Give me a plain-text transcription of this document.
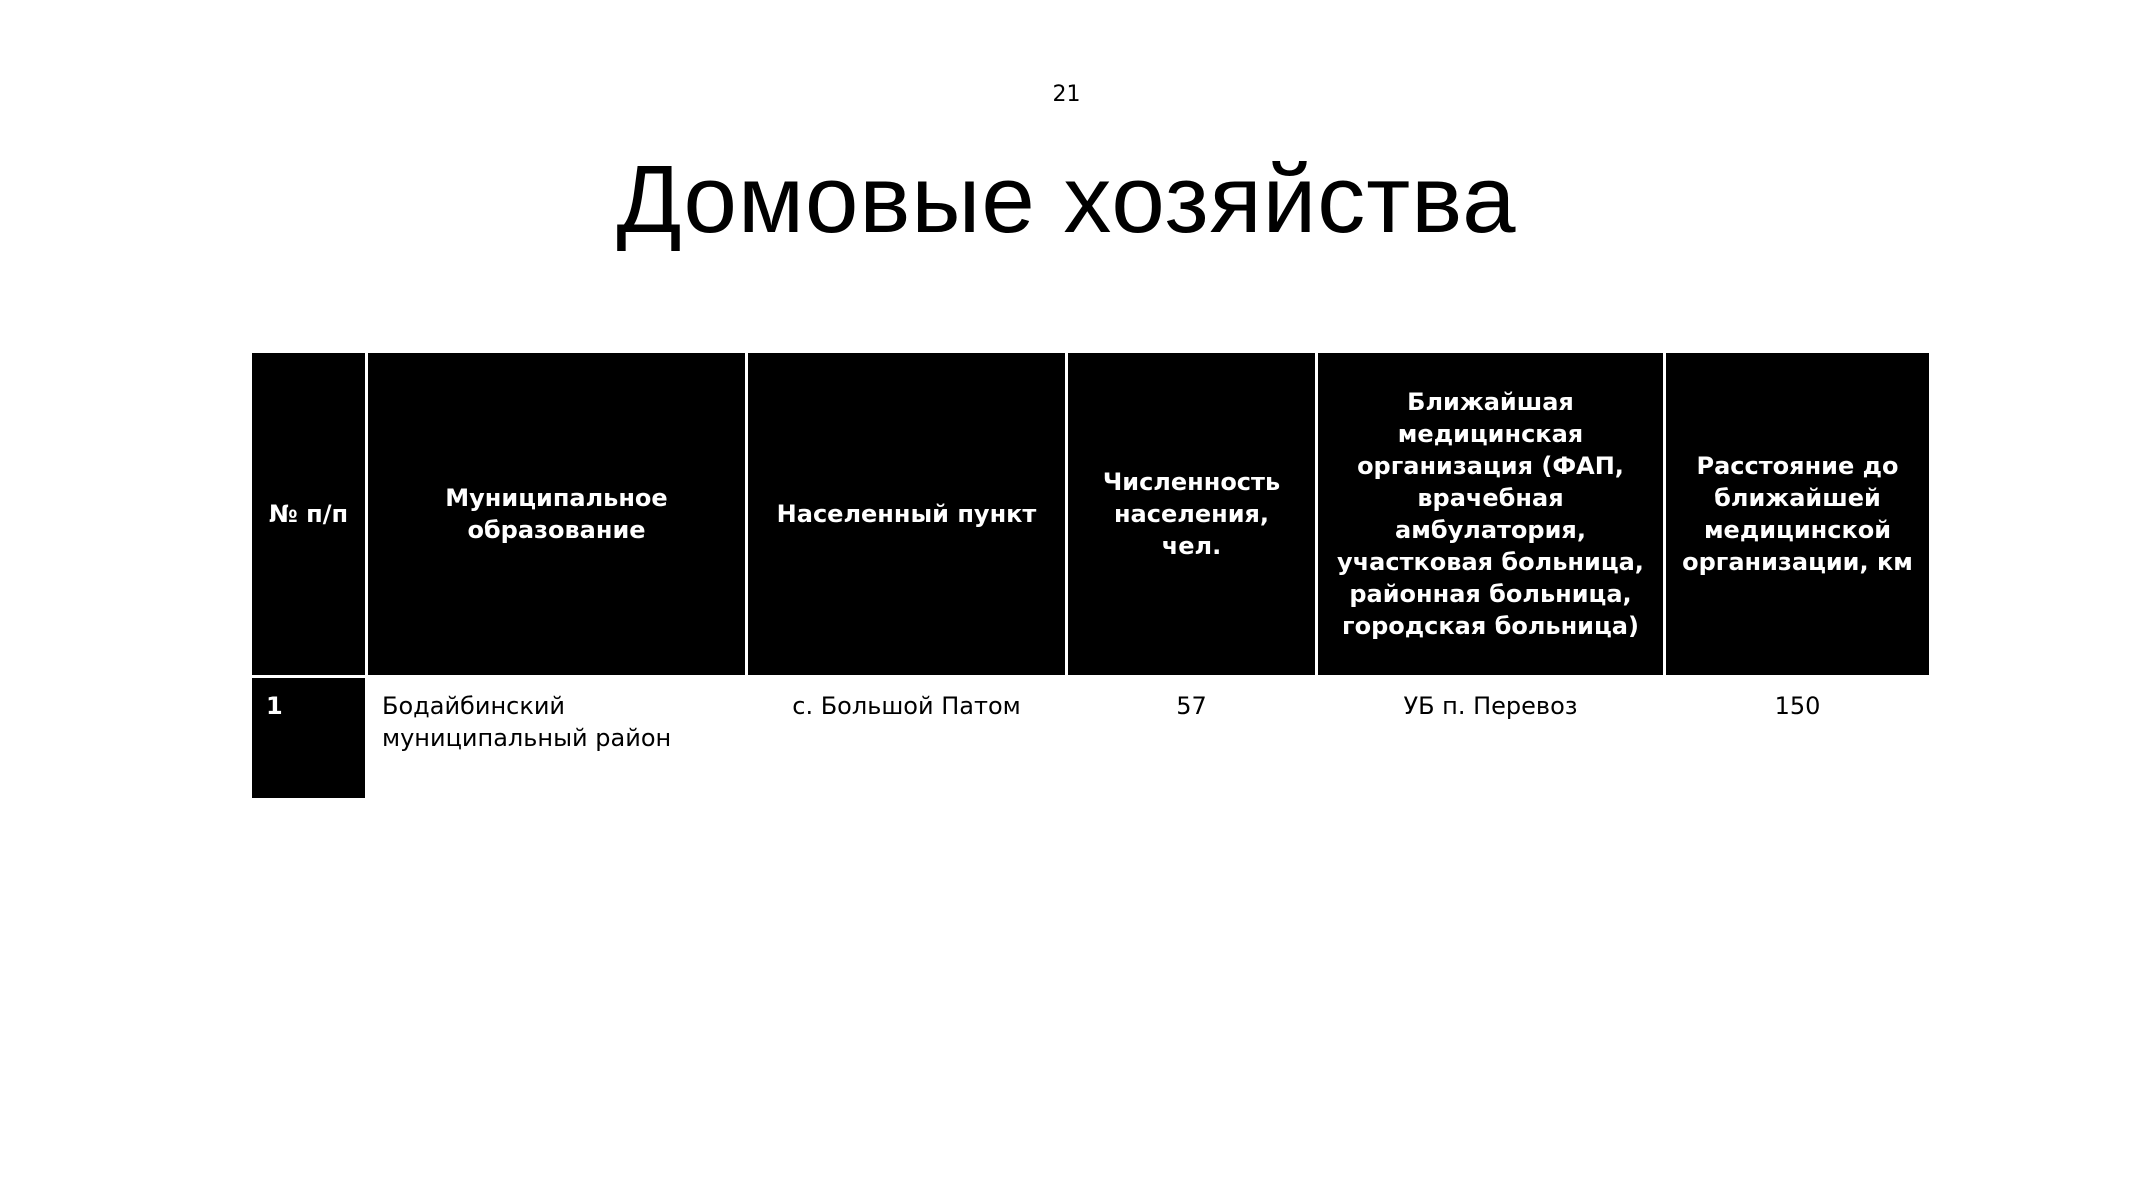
21
Домовые хозяйства
№ п/п	Муниципальное образование	Населенный пункт	Численность населения, чел.	Ближайшая медицинская организация (ФАП, врачебная амбулатория, участковая больница, районная больница, городская больница)	Расстояние до ближайшей медицинской организации, км
1	Бодайбинский муниципальный район	с. Большой Патом	57	УБ п. Перевоз	150
